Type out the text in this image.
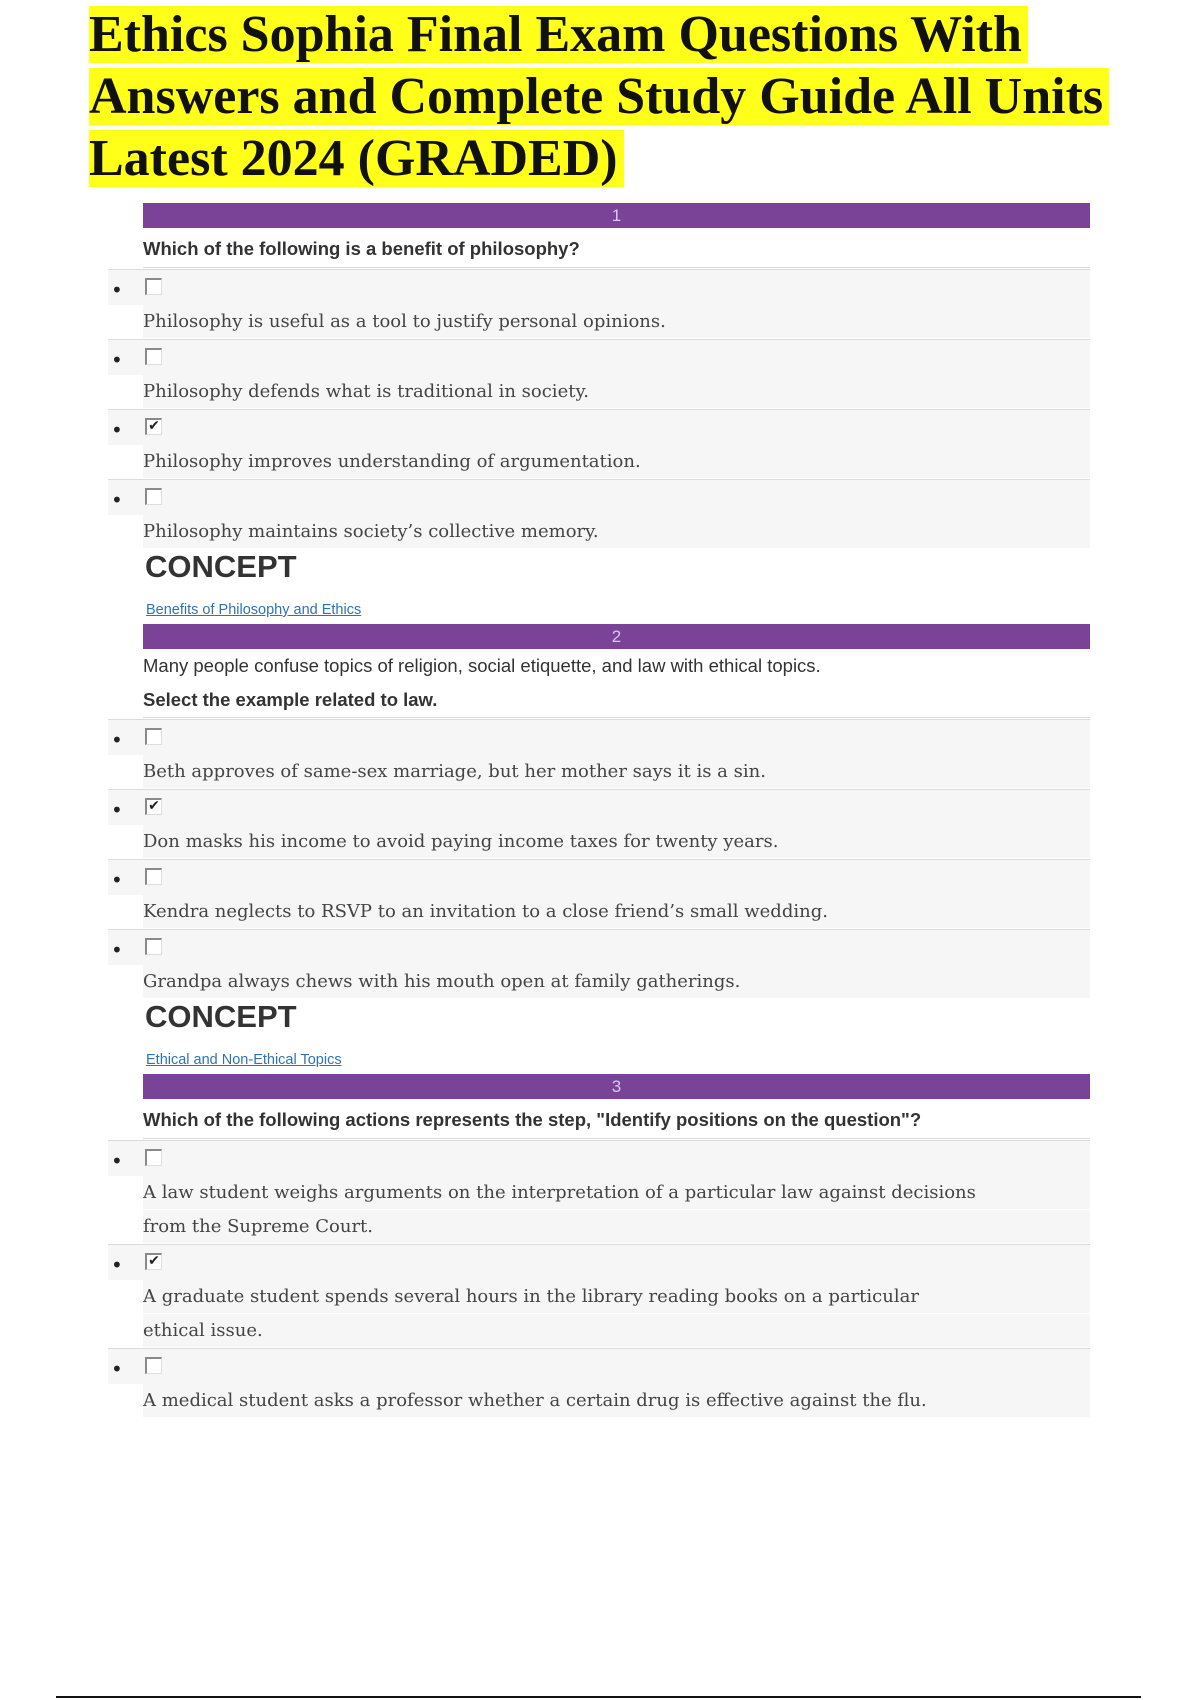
Ethics Sophia Final Exam Questions With Answers and Complete Study Guide All Units Latest 2024 (GRADED)
1
Which of the following is a benefit of philosophy?
•
Philosophy is useful as a tool to justify personal opinions.
•
Philosophy defends what is traditional in society.
• ✔
Philosophy improves understanding of argumentation.
•
Philosophy maintains society’s collective memory.
CONCEPT
Benefits of Philosophy and Ethics
2
Many people confuse topics of religion, social etiquette, and law with ethical topics.
Select the example related to law.
•
Beth approves of same-sex marriage, but her mother says it is a sin.
• ✔
Don masks his income to avoid paying income taxes for twenty years.
•
Kendra neglects to RSVP to an invitation to a close friend’s small wedding.
•
Grandpa always chews with his mouth open at family gatherings.
CONCEPT
Ethical and Non-Ethical Topics
3
Which of the following actions represents the step, "Identify positions on the question"?
•
A law student weighs arguments on the interpretation of a particular law against decisions
from the Supreme Court.
• ✔
A graduate student spends several hours in the library reading books on a particular
ethical issue.
•
A medical student asks a professor whether a certain drug is effective against the flu.
